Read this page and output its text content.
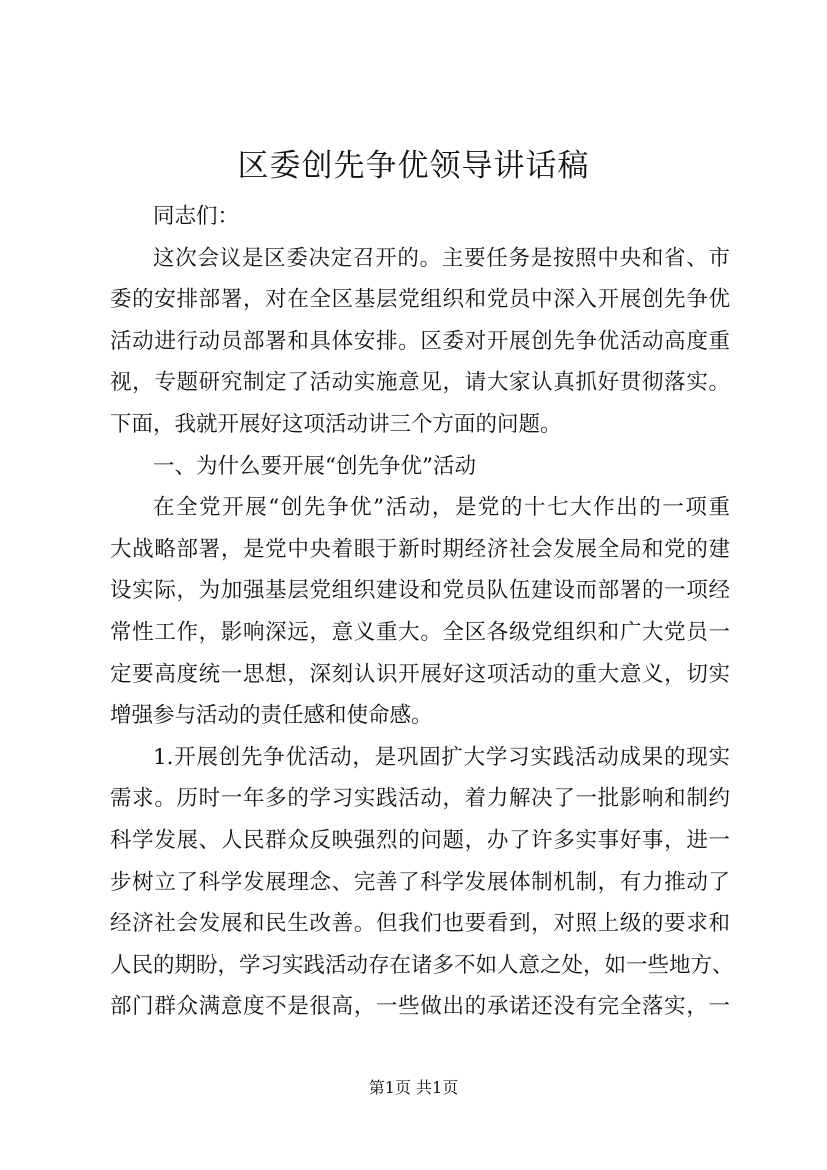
区委创先争优领导讲话稿
同志们：
这次会议是区委决定召开的。主要任务是按照中央和省、市
委的安排部署，对在全区基层党组织和党员中深入开展创先争优
活动进行动员部署和具体安排。区委对开展创先争优活动高度重
视，专题研究制定了活动实施意见，请大家认真抓好贯彻落实。
下面，我就开展好这项活动讲三个方面的问题。
一、为什么要开展“创先争优”活动
在全党开展“创先争优”活动，是党的十七大作出的一项重
大战略部署，是党中央着眼于新时期经济社会发展全局和党的建
设实际，为加强基层党组织建设和党员队伍建设而部署的一项经
常性工作，影响深远，意义重大。全区各级党组织和广大党员一
定要高度统一思想，深刻认识开展好这项活动的重大意义，切实
增强参与活动的责任感和使命感。
1.开展创先争优活动，是巩固扩大学习实践活动成果的现实
需求。历时一年多的学习实践活动，着力解决了一批影响和制约
科学发展、人民群众反映强烈的问题，办了许多实事好事，进一
步树立了科学发展理念、完善了科学发展体制机制，有力推动了
经济社会发展和民生改善。但我们也要看到，对照上级的要求和
人民的期盼，学习实践活动存在诸多不如人意之处，如一些地方、
部门群众满意度不是很高，一些做出的承诺还没有完全落实，一
第1页 共1页
